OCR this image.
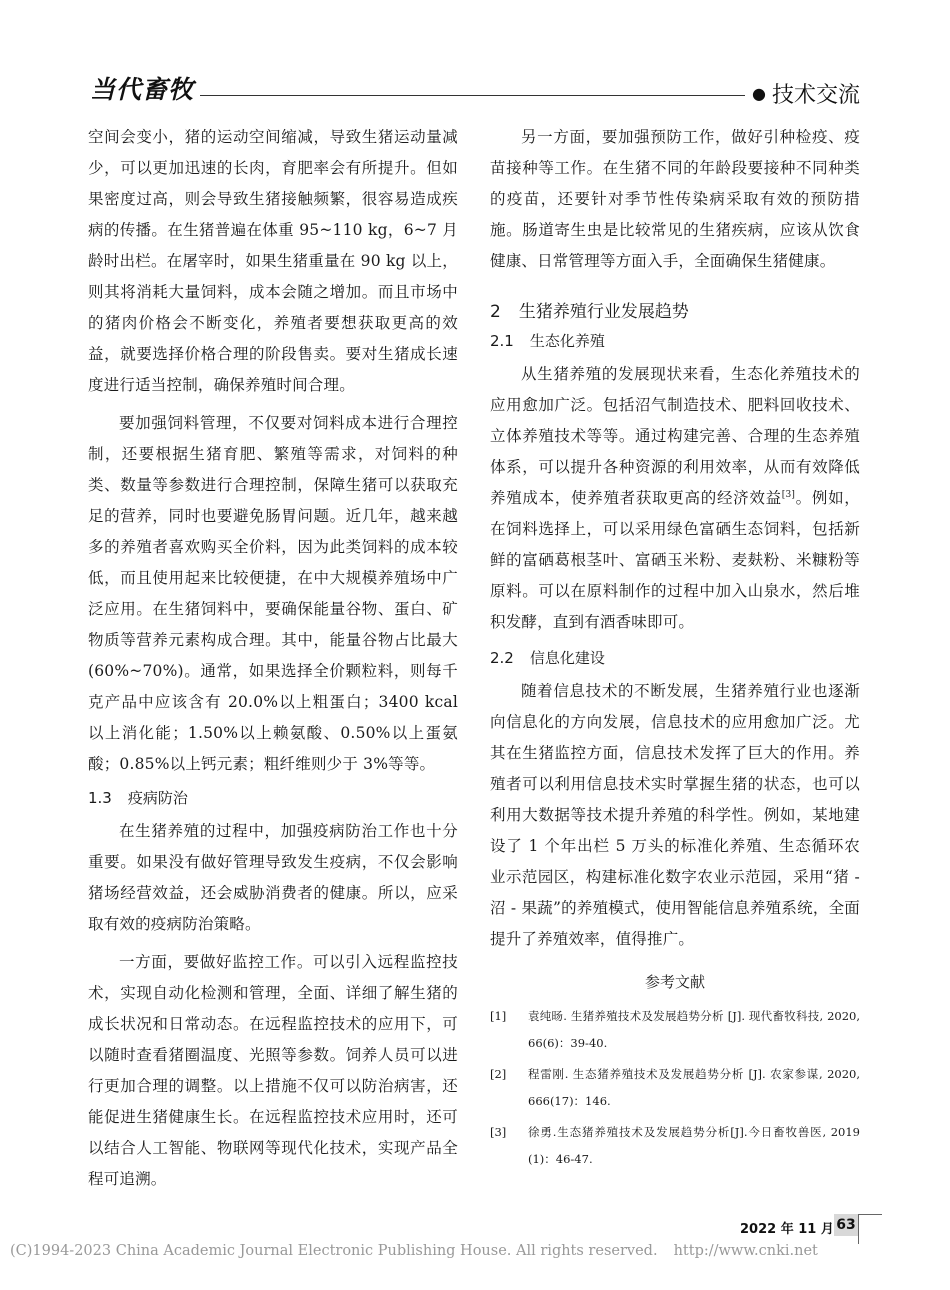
当代畜牧	● 技术交流

空间会变小，猪的运动空间缩减，导致生猪运动量减少，可以更加迅速的长肉，育肥率会有所提升。但如果密度过高，则会导致生猪接触频繁，很容易造成疾病的传播。在生猪普遍在体重 95~110 kg，6~7 月龄时出栏。在屠宰时，如果生猪重量在 90 kg 以上，则其将消耗大量饲料，成本会随之增加。而且市场中的猪肉价格会不断变化，养殖者要想获取更高的效益，就要选择价格合理的阶段售卖。要对生猪成长速度进行适当控制，确保养殖时间合理。

要加强饲料管理，不仅要对饲料成本进行合理控制，还要根据生猪育肥、繁殖等需求，对饲料的种类、数量等参数进行合理控制，保障生猪可以获取充足的营养，同时也要避免肠胃问题。近几年，越来越多的养殖者喜欢购买全价料，因为此类饲料的成本较低，而且使用起来比较便捷，在中大规模养殖场中广泛应用。在生猪饲料中，要确保能量谷物、蛋白、矿物质等营养元素构成合理。其中，能量谷物占比最大(60%~70%)。通常，如果选择全价颗粒料，则每千克产品中应该含有 20.0%以上粗蛋白；3400 kcal 以上消化能；1.50%以上赖氨酸、0.50%以上蛋氨酸；0.85%以上钙元素；粗纤维则少于 3%等等。

1.3 疫病防治

在生猪养殖的过程中，加强疫病防治工作也十分重要。如果没有做好管理导致发生疫病，不仅会影响猪场经营效益，还会威胁消费者的健康。所以，应采取有效的疫病防治策略。

一方面，要做好监控工作。可以引入远程监控技术，实现自动化检测和管理，全面、详细了解生猪的成长状况和日常动态。在远程监控技术的应用下，可以随时查看猪圈温度、光照等参数。饲养人员可以进行更加合理的调整。以上措施不仅可以防治病害，还能促进生猪健康生长。在远程监控技术应用时，还可以结合人工智能、物联网等现代化技术，实现产品全程可追溯。

另一方面，要加强预防工作，做好引种检疫、疫苗接种等工作。在生猪不同的年龄段要接种不同种类的疫苗，还要针对季节性传染病采取有效的预防措施。肠道寄生虫是比较常见的生猪疾病，应该从饮食健康、日常管理等方面入手，全面确保生猪健康。

2 生猪养殖行业发展趋势
2.1 生态化养殖

从生猪养殖的发展现状来看，生态化养殖技术的应用愈加广泛。包括沼气制造技术、肥料回收技术、立体养殖技术等等。通过构建完善、合理的生态养殖体系，可以提升各种资源的利用效率，从而有效降低养殖成本，使养殖者获取更高的经济效益[3]。例如，在饲料选择上，可以采用绿色富硒生态饲料，包括新鲜的富硒葛根茎叶、富硒玉米粉、麦麸粉、米糠粉等原料。可以在原料制作的过程中加入山泉水，然后堆积发酵，直到有酒香味即可。

2.2 信息化建设

随着信息技术的不断发展，生猪养殖行业也逐渐向信息化的方向发展，信息技术的应用愈加广泛。尤其在生猪监控方面，信息技术发挥了巨大的作用。养殖者可以利用信息技术实时掌握生猪的状态，也可以利用大数据等技术提升养殖的科学性。例如，某地建设了 1 个年出栏 5 万头的标准化养殖、生态循环农业示范园区，构建标准化数字农业示范园，采用“猪 - 沼 - 果蔬”的养殖模式，使用智能信息养殖系统，全面提升了养殖效率，值得推广。

参考文献
[1] 袁纯旸. 生猪养殖技术及发展趋势分析 [J]. 现代畜牧科技, 2020, 66(6)：39-40.
[2] 程雷刚. 生态猪养殖技术及发展趋势分析 [J]. 农家参谋, 2020, 666(17)：146.
[3] 徐勇.生态猪养殖技术及发展趋势分析[J].今日畜牧兽医, 2019 (1)：46-47.
2022 年 11 月 63
(C)1994-2023 China Academic Journal Electronic Publishing House. All rights reserved. http://www.cnki.net
